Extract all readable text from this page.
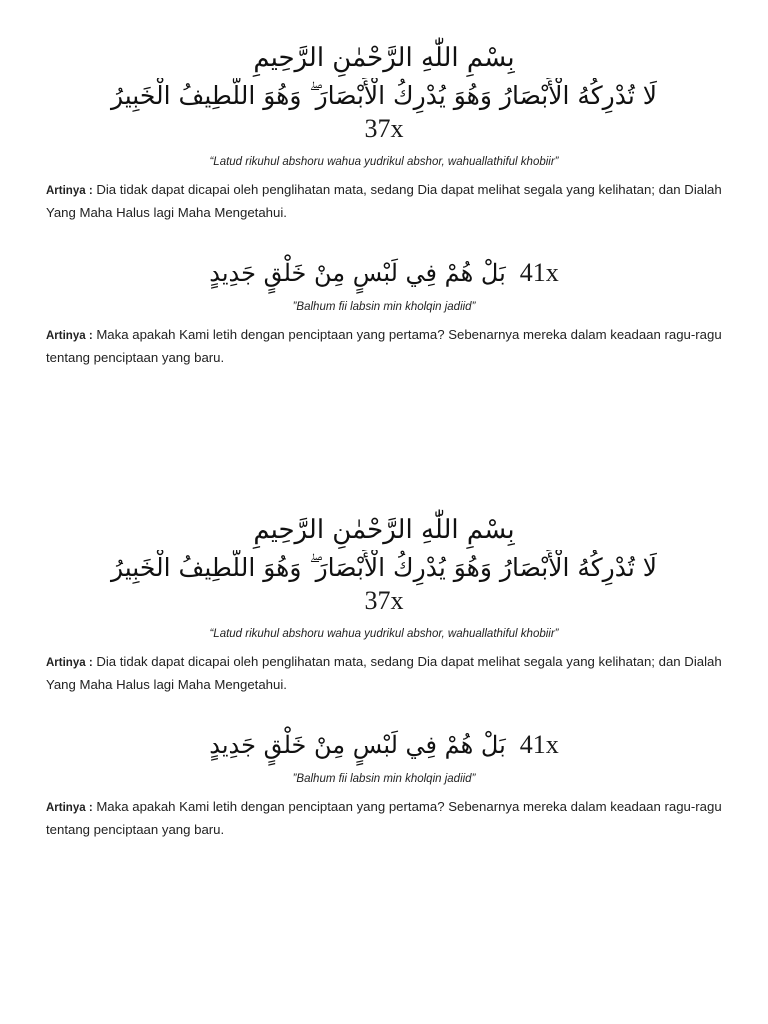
بِسْمِ اللّٰهِ الرَّحْمٰنِ الرَّحِيمِ
لَا تُدْرِكُهُ الْأَبْصَارُ وَهُوَ يُدْرِكُ الْأَبْصَارَ ۖ وَهُوَ اللَّطِيفُ الْخَبِيرُ
37x
“Latud rikuhul abshoru wahua yudrikul abshor, wahuallathiful khobiir”

Artinya : Dia tidak dapat dicapai oleh penglihatan mata, sedang Dia dapat melihat segala yang kelihatan; dan Dialah Yang Maha Halus lagi Maha Mengetahui.

بَلْ هُمْ فِي لَبْسٍ مِنْ خَلْقٍ جَدِيدٍ 41x
”Balhum fii labsin min kholqin jadiid”

Artinya : Maka apakah Kami letih dengan penciptaan yang pertama? Sebenarnya mereka dalam keadaan ragu-ragu tentang penciptaan yang baru.

بِسْمِ اللّٰهِ الرَّحْمٰنِ الرَّحِيمِ
لَا تُدْرِكُهُ الْأَبْصَارُ وَهُوَ يُدْرِكُ الْأَبْصَارَ ۖ وَهُوَ اللَّطِيفُ الْخَبِيرُ
37x
“Latud rikuhul abshoru wahua yudrikul abshor, wahuallathiful khobiir”

Artinya : Dia tidak dapat dicapai oleh penglihatan mata, sedang Dia dapat melihat segala yang kelihatan; dan Dialah Yang Maha Halus lagi Maha Mengetahui.

بَلْ هُمْ فِي لَبْسٍ مِنْ خَلْقٍ جَدِيدٍ 41x
”Balhum fii labsin min kholqin jadiid”

Artinya : Maka apakah Kami letih dengan penciptaan yang pertama? Sebenarnya mereka dalam keadaan ragu-ragu tentang penciptaan yang baru.
